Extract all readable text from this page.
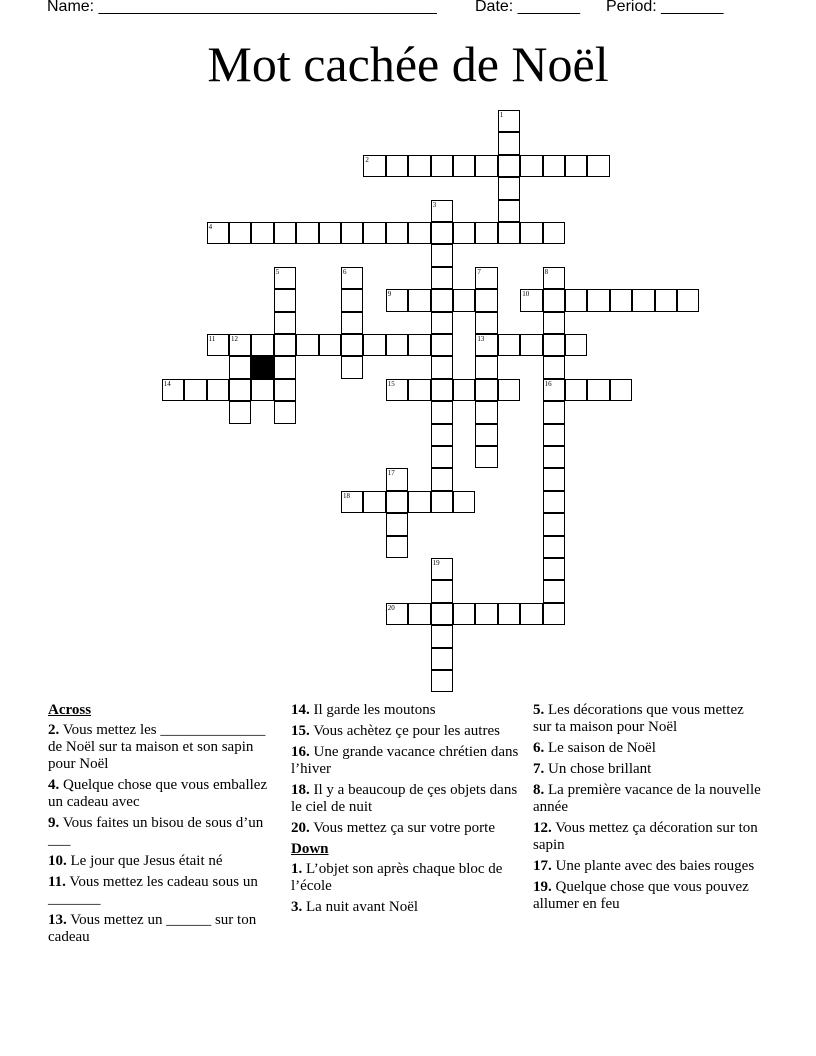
Name: ______________________________________

Date: _______

Period: _______

Mot cachée de Noël
1
2
3
4
5	6	7	8
9	10
11 12	13
14	15	16
17
18
19
20
Across
2. Vous mettez les ______________ de Noël sur ta maison et son sapin pour Noël
4. Quelque chose que vous emballez un cadeau avec
9. Vous faites un bisou de sous d’un ___
10. Le jour que Jesus était né
11. Vous mettez les cadeau sous un _______
13. Vous mettez un ______ sur ton cadeau
14. Il garde les moutons
15. Vous achètez çe pour les autres
16. Une grande vacance chrétien dans l’hiver
18. Il y a beaucoup de çes objets dans le ciel de nuit
20. Vous mettez ça sur votre porte
Down
1. L’objet son après chaque bloc de l’école
3. La nuit avant Noël
5. Les décorations que vous mettez sur ta maison pour Noël
6. Le saison de Noël
7. Un chose brillant
8. La première vacance de la nouvelle année
12. Vous mettez ça décoration sur ton sapin
17. Une plante avec des baies rouges
19. Quelque chose que vous pouvez allumer en feu
